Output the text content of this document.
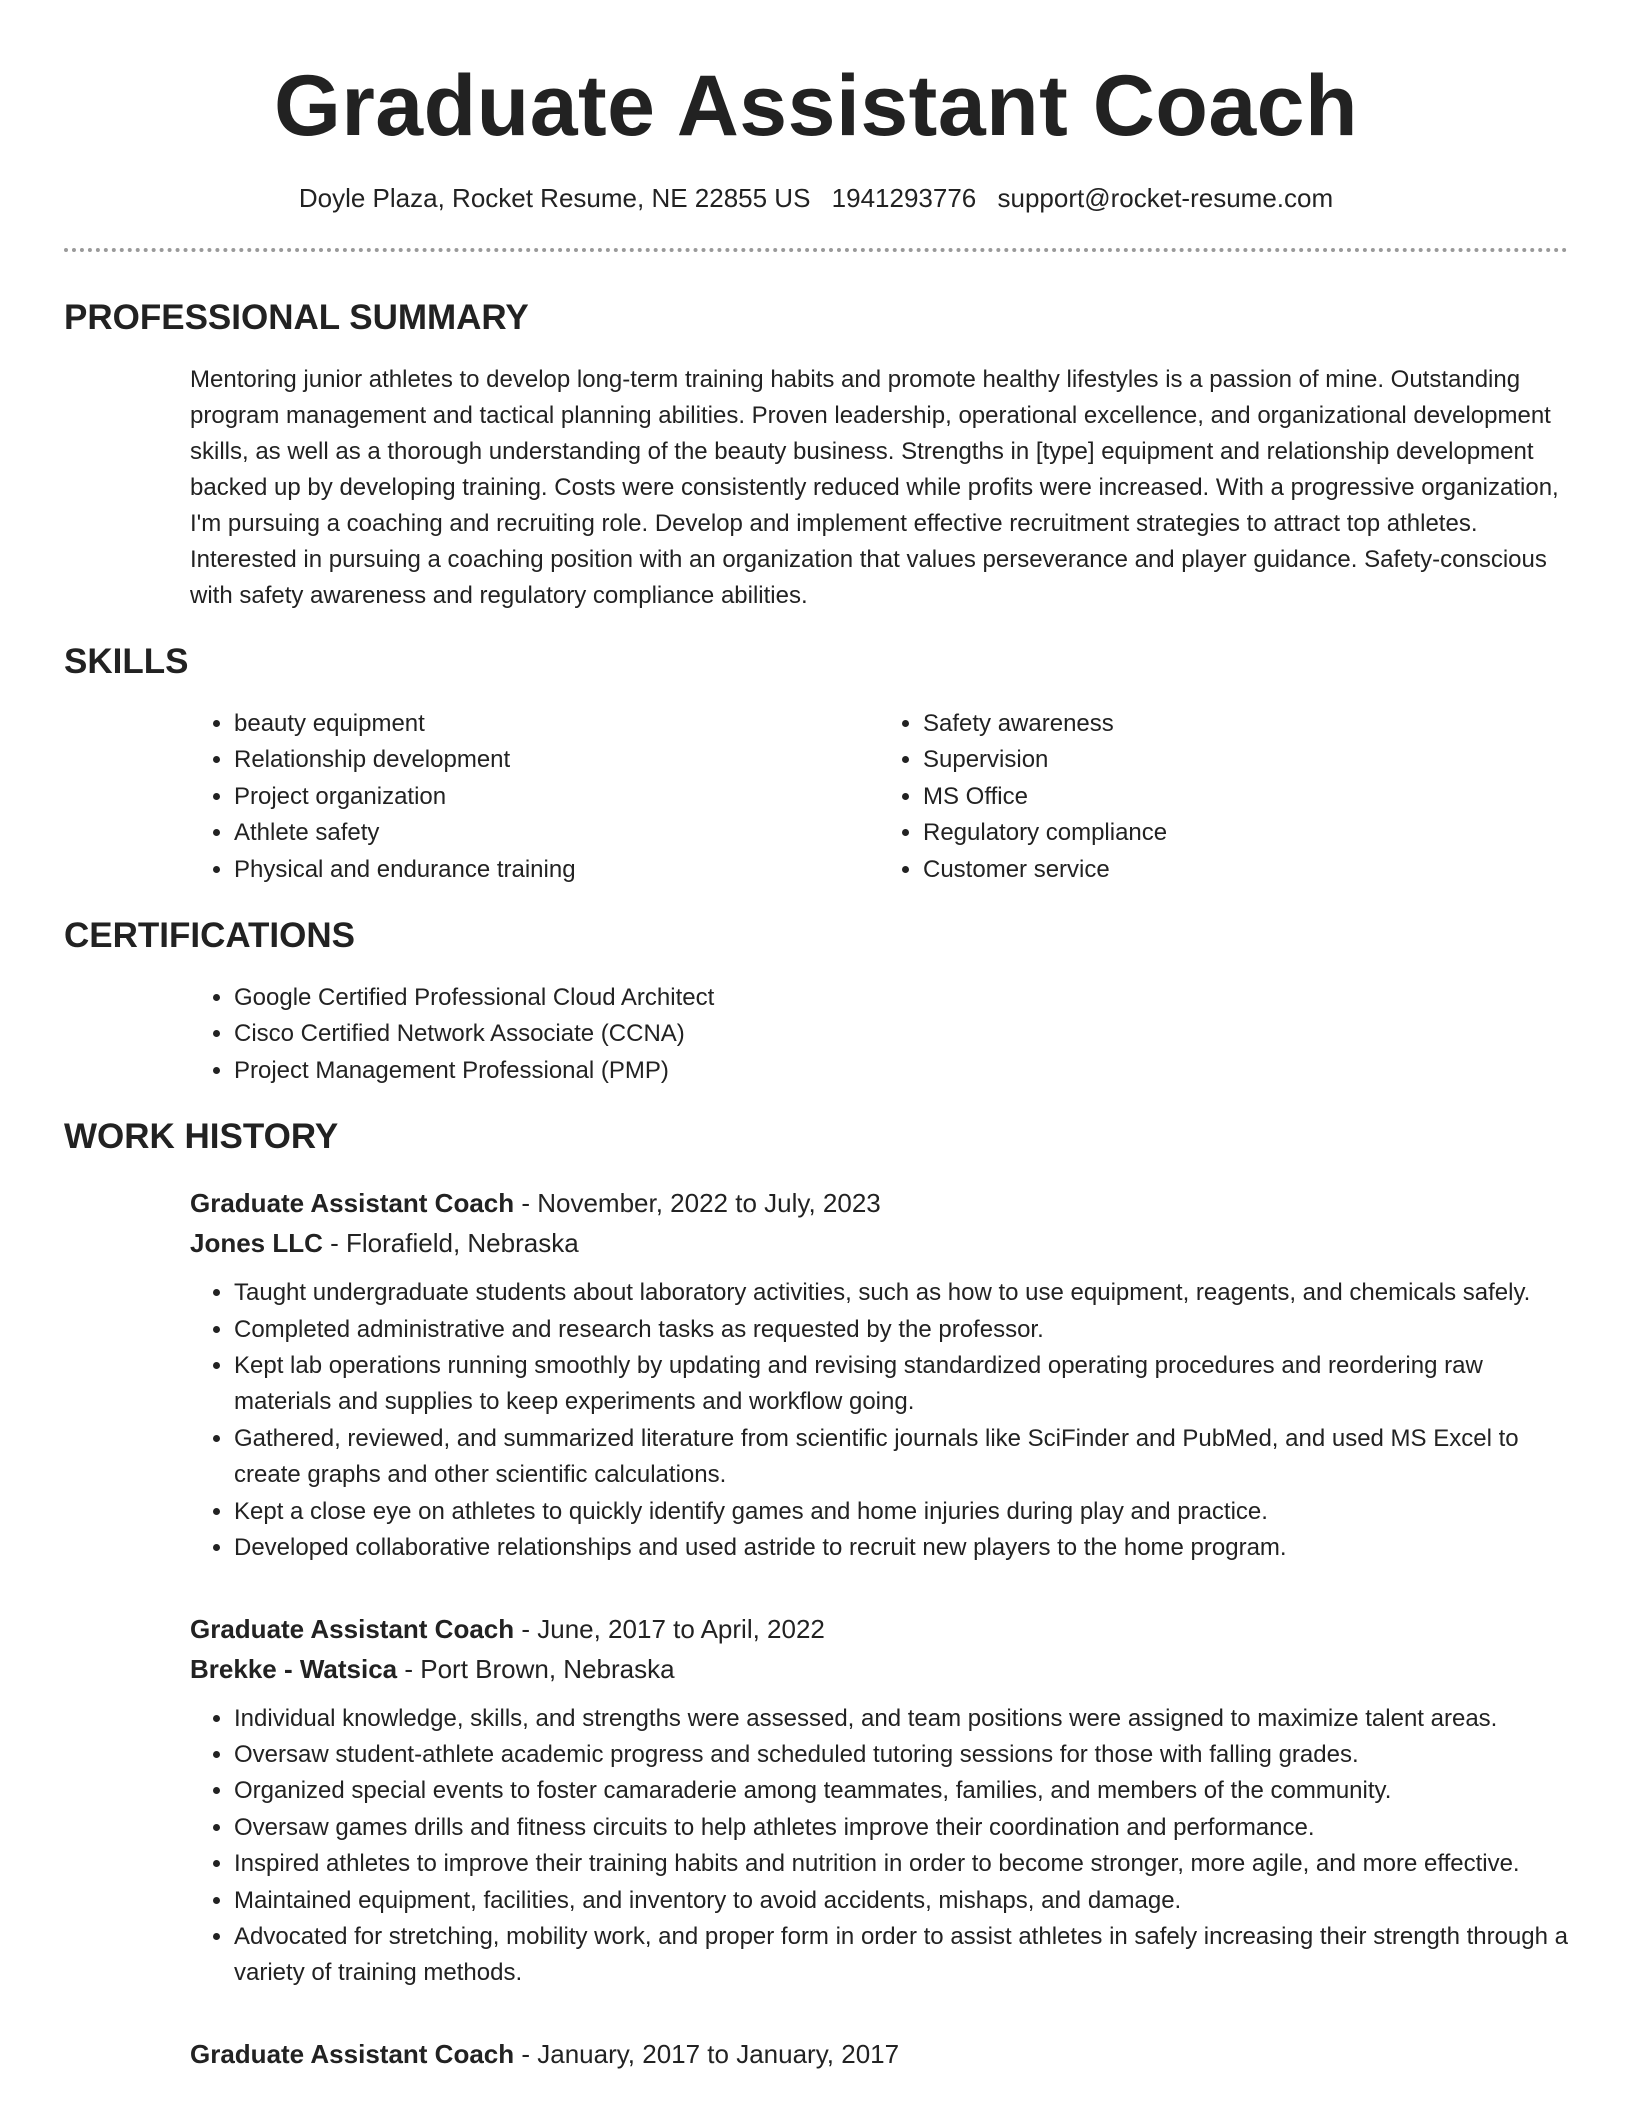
Graduate Assistant Coach
Doyle Plaza, Rocket Resume, NE 22855 US 1941293776 support@rocket-resume.com
PROFESSIONAL SUMMARY
Mentoring junior athletes to develop long-term training habits and promote healthy lifestyles is a passion of mine. Outstanding program management and tactical planning abilities. Proven leadership, operational excellence, and organizational development skills, as well as a thorough understanding of the beauty business. Strengths in [type] equipment and relationship development backed up by developing training. Costs were consistently reduced while profits were increased. With a progressive organization, I'm pursuing a coaching and recruiting role. Develop and implement effective recruitment strategies to attract top athletes. Interested in pursuing a coaching position with an organization that values perseverance and player guidance. Safety-conscious with safety awareness and regulatory compliance abilities.
SKILLS
• beauty equipment
• Relationship development
• Project organization
• Athlete safety
• Physical and endurance training
• Safety awareness
• Supervision
• MS Office
• Regulatory compliance
• Customer service
CERTIFICATIONS
• Google Certified Professional Cloud Architect
• Cisco Certified Network Associate (CCNA)
• Project Management Professional (PMP)
WORK HISTORY
Graduate Assistant Coach - November, 2022 to July, 2023
Jones LLC - Florafield, Nebraska
• Taught undergraduate students about laboratory activities, such as how to use equipment, reagents, and chemicals safely.
• Completed administrative and research tasks as requested by the professor.
• Kept lab operations running smoothly by updating and revising standardized operating procedures and reordering raw materials and supplies to keep experiments and workflow going.
• Gathered, reviewed, and summarized literature from scientific journals like SciFinder and PubMed, and used MS Excel to create graphs and other scientific calculations.
• Kept a close eye on athletes to quickly identify games and home injuries during play and practice.
• Developed collaborative relationships and used astride to recruit new players to the home program.
Graduate Assistant Coach - June, 2017 to April, 2022
Brekke - Watsica - Port Brown, Nebraska
• Individual knowledge, skills, and strengths were assessed, and team positions were assigned to maximize talent areas.
• Oversaw student-athlete academic progress and scheduled tutoring sessions for those with falling grades.
• Organized special events to foster camaraderie among teammates, families, and members of the community.
• Oversaw games drills and fitness circuits to help athletes improve their coordination and performance.
• Inspired athletes to improve their training habits and nutrition in order to become stronger, more agile, and more effective.
• Maintained equipment, facilities, and inventory to avoid accidents, mishaps, and damage.
• Advocated for stretching, mobility work, and proper form in order to assist athletes in safely increasing their strength through a variety of training methods.
Graduate Assistant Coach - January, 2017 to January, 2017
